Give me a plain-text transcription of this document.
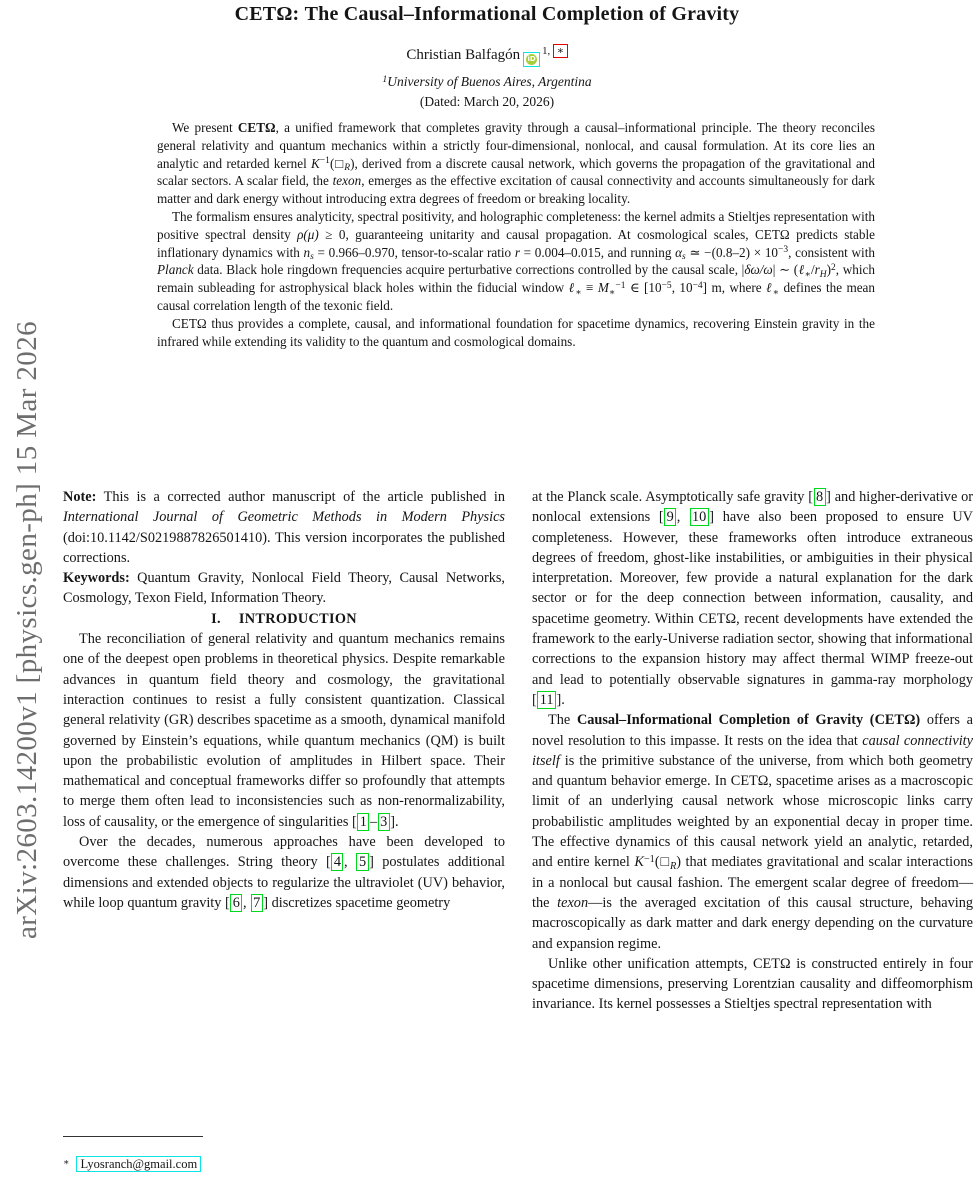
arXiv:2603.14200v1 [physics.gen-ph] 15 Mar 2026
CETΩ: The Causal–Informational Completion of Gravity
Christian Balfagón $iD^{1,}$  ∗
$^1$University of Buenos Aires, Argentina
(Dated: March 20, 2026)

We present CETΩ, a unified framework that completes gravity through a causal–informational principle. The theory reconciles general relativity and quantum mechanics within a strictly four-dimensional, nonlocal, and causal formulation. At its core lies an analytic and retarded kernel $K^{-1}(□R)$, derived from a discrete causal network, which governs the propagation of the gravitational and scalar sectors. A scalar field, the texon, emerges as the effective excitation of causal connectivity and accounts simultaneously for dark matter and dark energy without introducing extra degrees of freedom or breaking locality.

The formalism ensures analyticity, spectral positivity, and holographic completeness: the kernel admits a Stieltjes representation with positive spectral density ρ(μ) ≥ 0, guaranteeing unitarity and causal propagation. At cosmological scales, CETΩ predicts stable inflationary dynamics with ns = 0.966–0.970, tensor-to-scalar ratio r = 0.004–0.015, and running αs ≃ $-(0.8-2) \times 10^{-3}$, consistent with Planck data. Black hole ringdown frequencies acquire perturbative corrections controlled by the causal scale, |δω/ω| ∼ (ℓ∗/rH)$^2$, which remain subleading for astrophysical black holes within the fiducial window ℓ∗ ≡ M∗$^{-1}$ ∈ [$10^{-5}$, $10^{-4}$] m, where ℓ∗ defines the mean causal correlation length of the texonic field.

CETΩ thus provides a complete, causal, and informational foundation for spacetime dynamics, recovering Einstein gravity in the infrared while extending its validity to the quantum and cosmological domains.

Note: This is a corrected author manuscript of the article published in International Journal of Geometric Methods in Modern Physics (doi:10.1142/S0219887826501410). This version incorporates the published corrections.

Keywords: Quantum Gravity, Nonlocal Field Theory, Causal Networks, Cosmology, Texon Field, Information Theory.

I. INTRODUCTION

The reconciliation of general relativity and quantum mechanics remains one of the deepest open problems in theoretical physics. Despite remarkable advances in quantum field theory and cosmology, the gravitational interaction continues to resist a fully consistent quantization. Classical general relativity (GR) describes spacetime as a smooth, dynamical manifold governed by Einstein’s equations, while quantum mechanics (QM) is built upon the probabilistic evolution of amplitudes in Hilbert space. Their mathematical and conceptual frameworks differ so profoundly that attempts to merge them often lead to inconsistencies such as non-renormalizability, loss of causality, or the emergence of singularities [ 1 – 3 ].

Over the decades, numerous approaches have been developed to overcome these challenges. String theory [ 4 , 5 ] postulates additional dimensions and extended objects to regularize the ultraviolet (UV) behavior, while loop quantum gravity [ 6 , 7 ] discretizes spacetime geometry

at the Planck scale. Asymptotically safe gravity [ 8 ] and higher-derivative or nonlocal extensions [ 9 , 10 ] have also been proposed to ensure UV completeness. However, these frameworks often introduce extraneous degrees of freedom, ghost-like instabilities, or ambiguities in their physical interpretation. Moreover, few provide a natural explanation for the dark sector or for the deep connection between information, causality, and spacetime geometry. Within CETΩ, recent developments have extended the framework to the early-Universe radiation sector, showing that informational corrections to the expansion history may affect thermal WIMP freeze-out and lead to potentially observable signatures in gamma-ray morphology [ 11 ].

The Causal–Informational Completion of Gravity (CETΩ) offers a novel resolution to this impasse. It rests on the idea that causal connectivity itself is the primitive substance of the universe, from which both geometry and quantum behavior emerge. In CETΩ, spacetime arises as a macroscopic limit of an underlying causal network whose microscopic links carry probabilistic amplitudes weighted by an exponential decay in proper time. The effective dynamics of this causal network yield an analytic, retarded, and entire kernel $K^{-1}(□R)$ that mediates gravitational and scalar interactions in a nonlocal but causal fashion. The emergent scalar degree of freedom—the texon—is the averaged excitation of this causal structure, behaving macroscopically as dark matter and dark energy depending on the curvature and expansion regime.

Unlike other unification attempts, CETΩ is constructed entirely in four spacetime dimensions, preserving Lorentzian causality and diffeomorphism invariance. Its kernel possesses a Stieltjes spectral representation with

∗ Lyosranch@gmail.com
